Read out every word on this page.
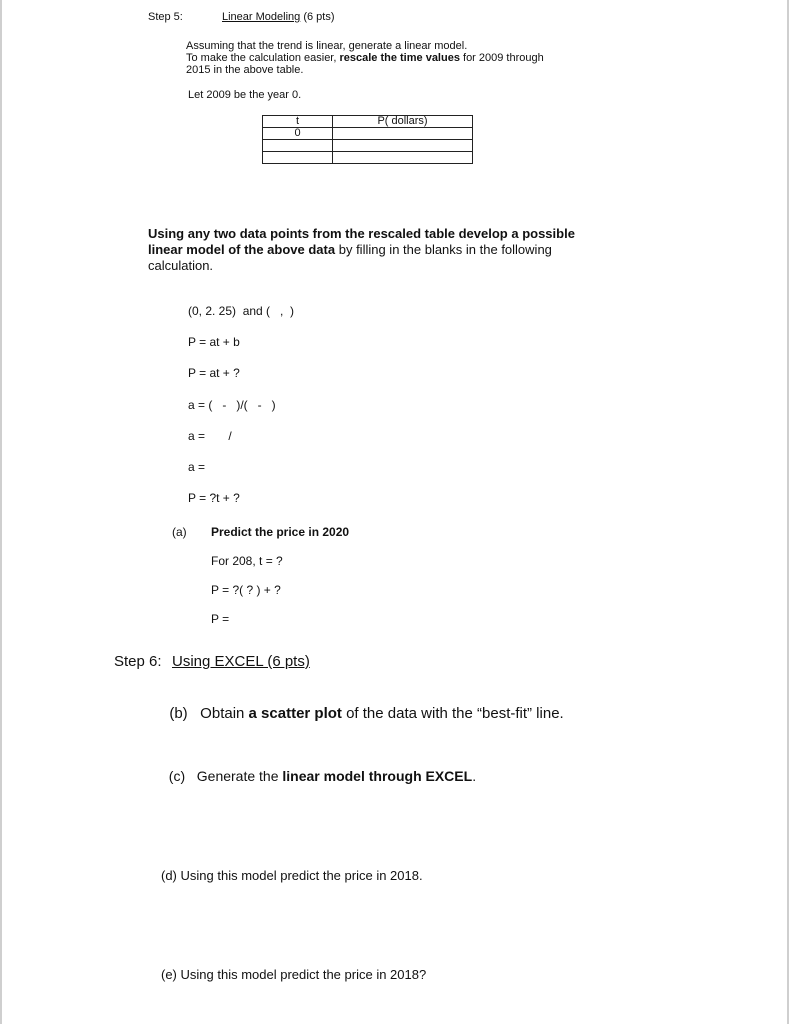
Step 5:	Linear Modeling (6 pts)
Assuming that the trend is linear, generate a linear model.
To make the calculation easier, rescale the time values for 2009 through
2015 in the above table.
Let 2009 be the year 0.
t	P( dollars)
0	

Using any two data points from the rescaled table develop a possible
linear model of the above data by filling in the blanks in the following
calculation.
(0, 2. 25)  and (   ,  )
P = at + b
P = at + ?
a = (   -   )/(   -   )
a =       /
a =
P = ?t + ?
(a) Predict the price in 2020
For 208, t = ?
P = ?( ? ) + ?
P =
Step 6: Using EXCEL (6 pts)

(b)   Obtain a scatter plot of the data with the “best-fit” line.

(c)   Generate the linear model through EXCEL.

(d) Using this model predict the price in 2018.
(e) Using this model predict the price in 2018?
